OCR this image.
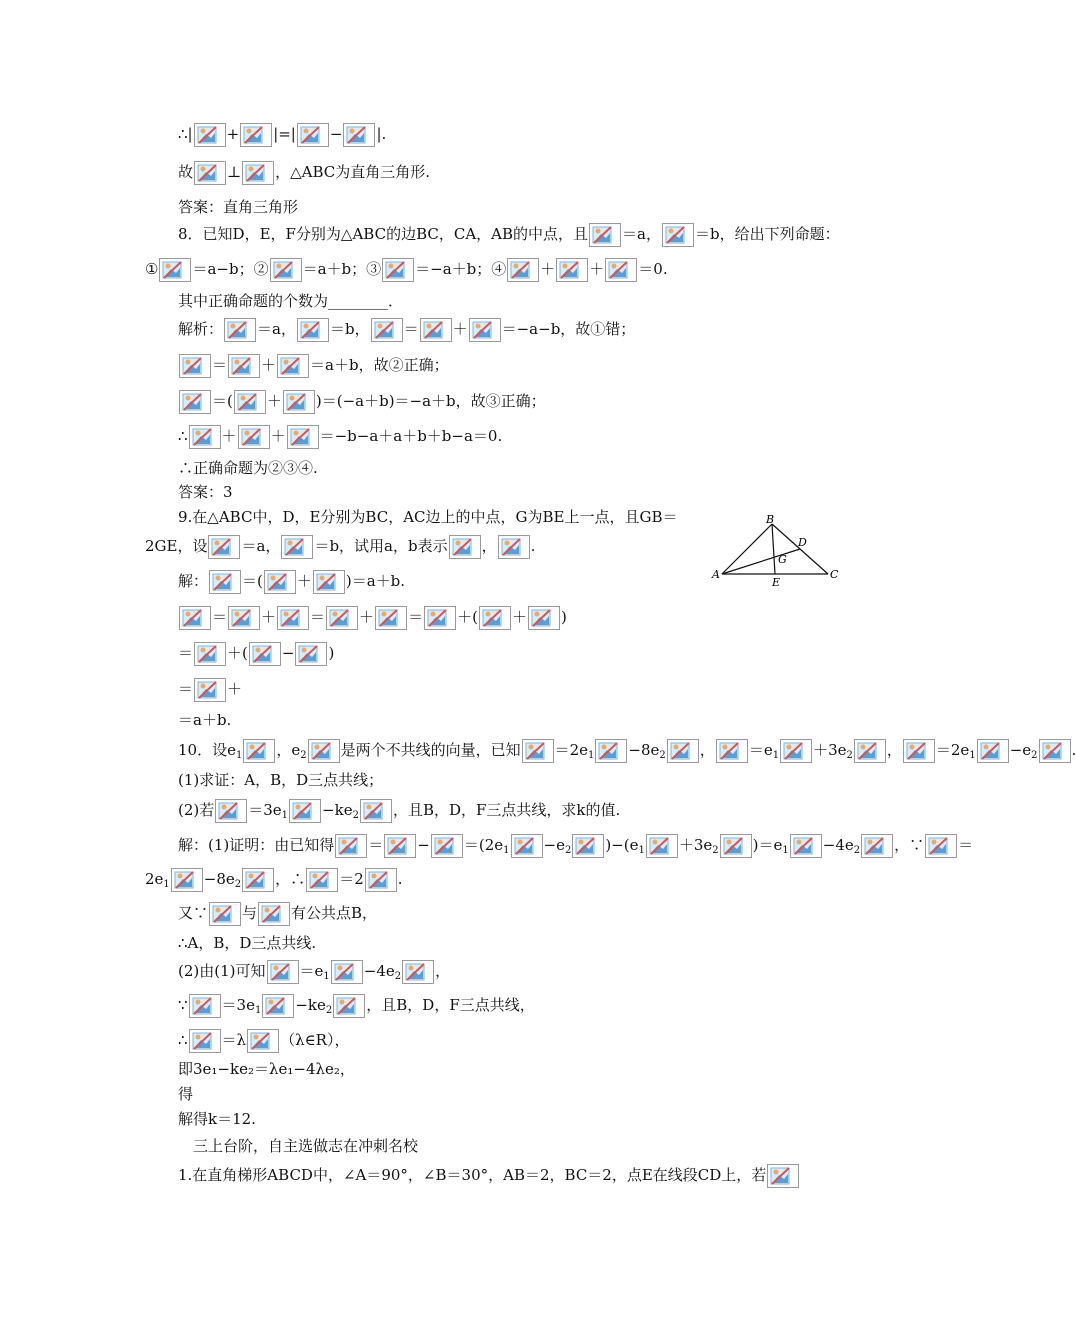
∴| + |=| − |.
故 ⊥ ，△ABC为直角三角形.
答案：直角三角形
8．已知D，E，F分别为△ABC的边BC，CA，AB的中点，且 ＝a， ＝b，给出下列命题：
① ＝a−b；② ＝a＋b；③ ＝−a＋b；④ ＋ ＋ ＝0.
其中正确命题的个数为________．
解析： ＝a， ＝b， ＝ ＋ ＝−a−b，故①错；
＝ ＋ ＝a＋b，故②正确；
＝( ＋ )＝(−a＋b)＝−a＋b，故③正确；
∴ ＋ ＋ ＝−b−a＋a＋b＋b−a＝0.
∴正确命题为②③④.
答案：3
9.在△ABC中，D，E分别为BC，AC边上的中点，G为BE上一点，且GB＝
2GE，设 ＝a， ＝b，试用a，b表示 ， .
解： ＝( ＋ )＝a＋b.
＝ ＋ ＝ ＋ ＝ ＋( ＋ )
＝ ＋( − )
＝ ＋
＝a＋b.
10．设$e_1$ ，$e_2$ 是两个不共线的向量，已知 $=2e_1 -8e_2$ ， $=e_1 +3e_2$ ， $=2e_1 -e_2$ .
(1)求证：A，B，D三点共线；
(2)若 $=3e_1 -ke_2$ ，且B，D，F三点共线，求k的值.
解：(1)证明：由已知得 ＝ − $=(2e_1 -e_2$ )$-(e_1 +3e_2$ )$=e_1 -4e_2$ ，∵ ＝
$2e_1 -8e_2$ ，∴ ＝2 .
又∵ 与 有公共点B，
∴A，B，D三点共线.
(2)由(1)可知 $=e_1 -4e_2$ ，
∵ $=3e_1 -ke_2$ ，且B，D，F三点共线，
∴ ＝λ （λ∈R），
即3e₁−ke₂＝λe₁−4λe₂，
得
解得k＝12.
三上台阶，自主选做志在冲刺名校
1.在直角梯形ABCD中，∠A＝90°，∠B＝30°，AB＝2，BC＝2，点E在线段CD上，若
B
D
G
A
E
C
